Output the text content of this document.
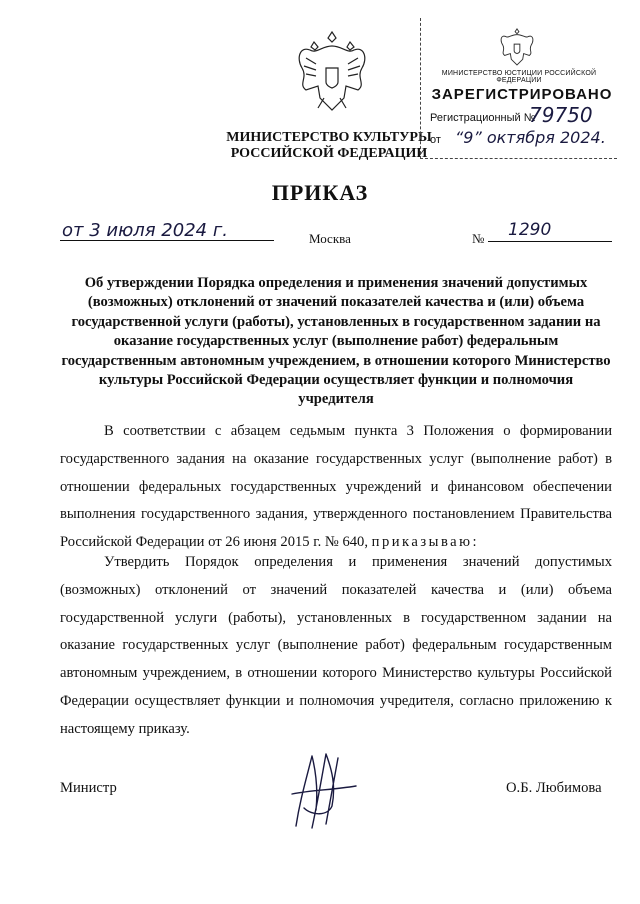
МИНИСТЕРСТВО КУЛЬТУРЫ
РОССИЙСКОЙ ФЕДЕРАЦИИ
МИНИСТЕРСТВО ЮСТИЦИИ РОССИЙСКОЙ ФЕДЕРАЦИИ
ЗАРЕГИСТРИРОВАНО
Регистрационный №
79750
от “9” октября 2024.
ПРИКАЗ
от 3 июля 2024 г.	Москва	№ 1290
Об утверждении Порядка определения и применения значений допустимых (возможных) отклонений от значений показателей качества и (или) объема государственной услуги (работы), установленных в государственном задании на оказание государственных услуг (выполнение работ) федеральным государственным автономным учреждением, в отношении которого Министерство культуры Российской Федерации осуществляет функции и полномочия учредителя
В соответствии с абзацем седьмым пункта 3 Положения о формировании государственного задания на оказание государственных услуг (выполнение работ) в отношении федеральных государственных учреждений и финансовом обеспечении выполнения государственного задания, утвержденного постановлением Правительства Российской Федерации от 26 июня 2015 г. № 640, приказываю:
Утвердить Порядок определения и применения значений допустимых (возможных) отклонений от значений показателей качества и (или) объема государственной услуги (работы), установленных в государственном задании на оказание государственных услуг (выполнение работ) федеральным государственным автономным учреждением, в отношении которого Министерство культуры Российской Федерации осуществляет функции и полномочия учредителя, согласно приложению к настоящему приказу.
Министр	О.Б. Любимова
